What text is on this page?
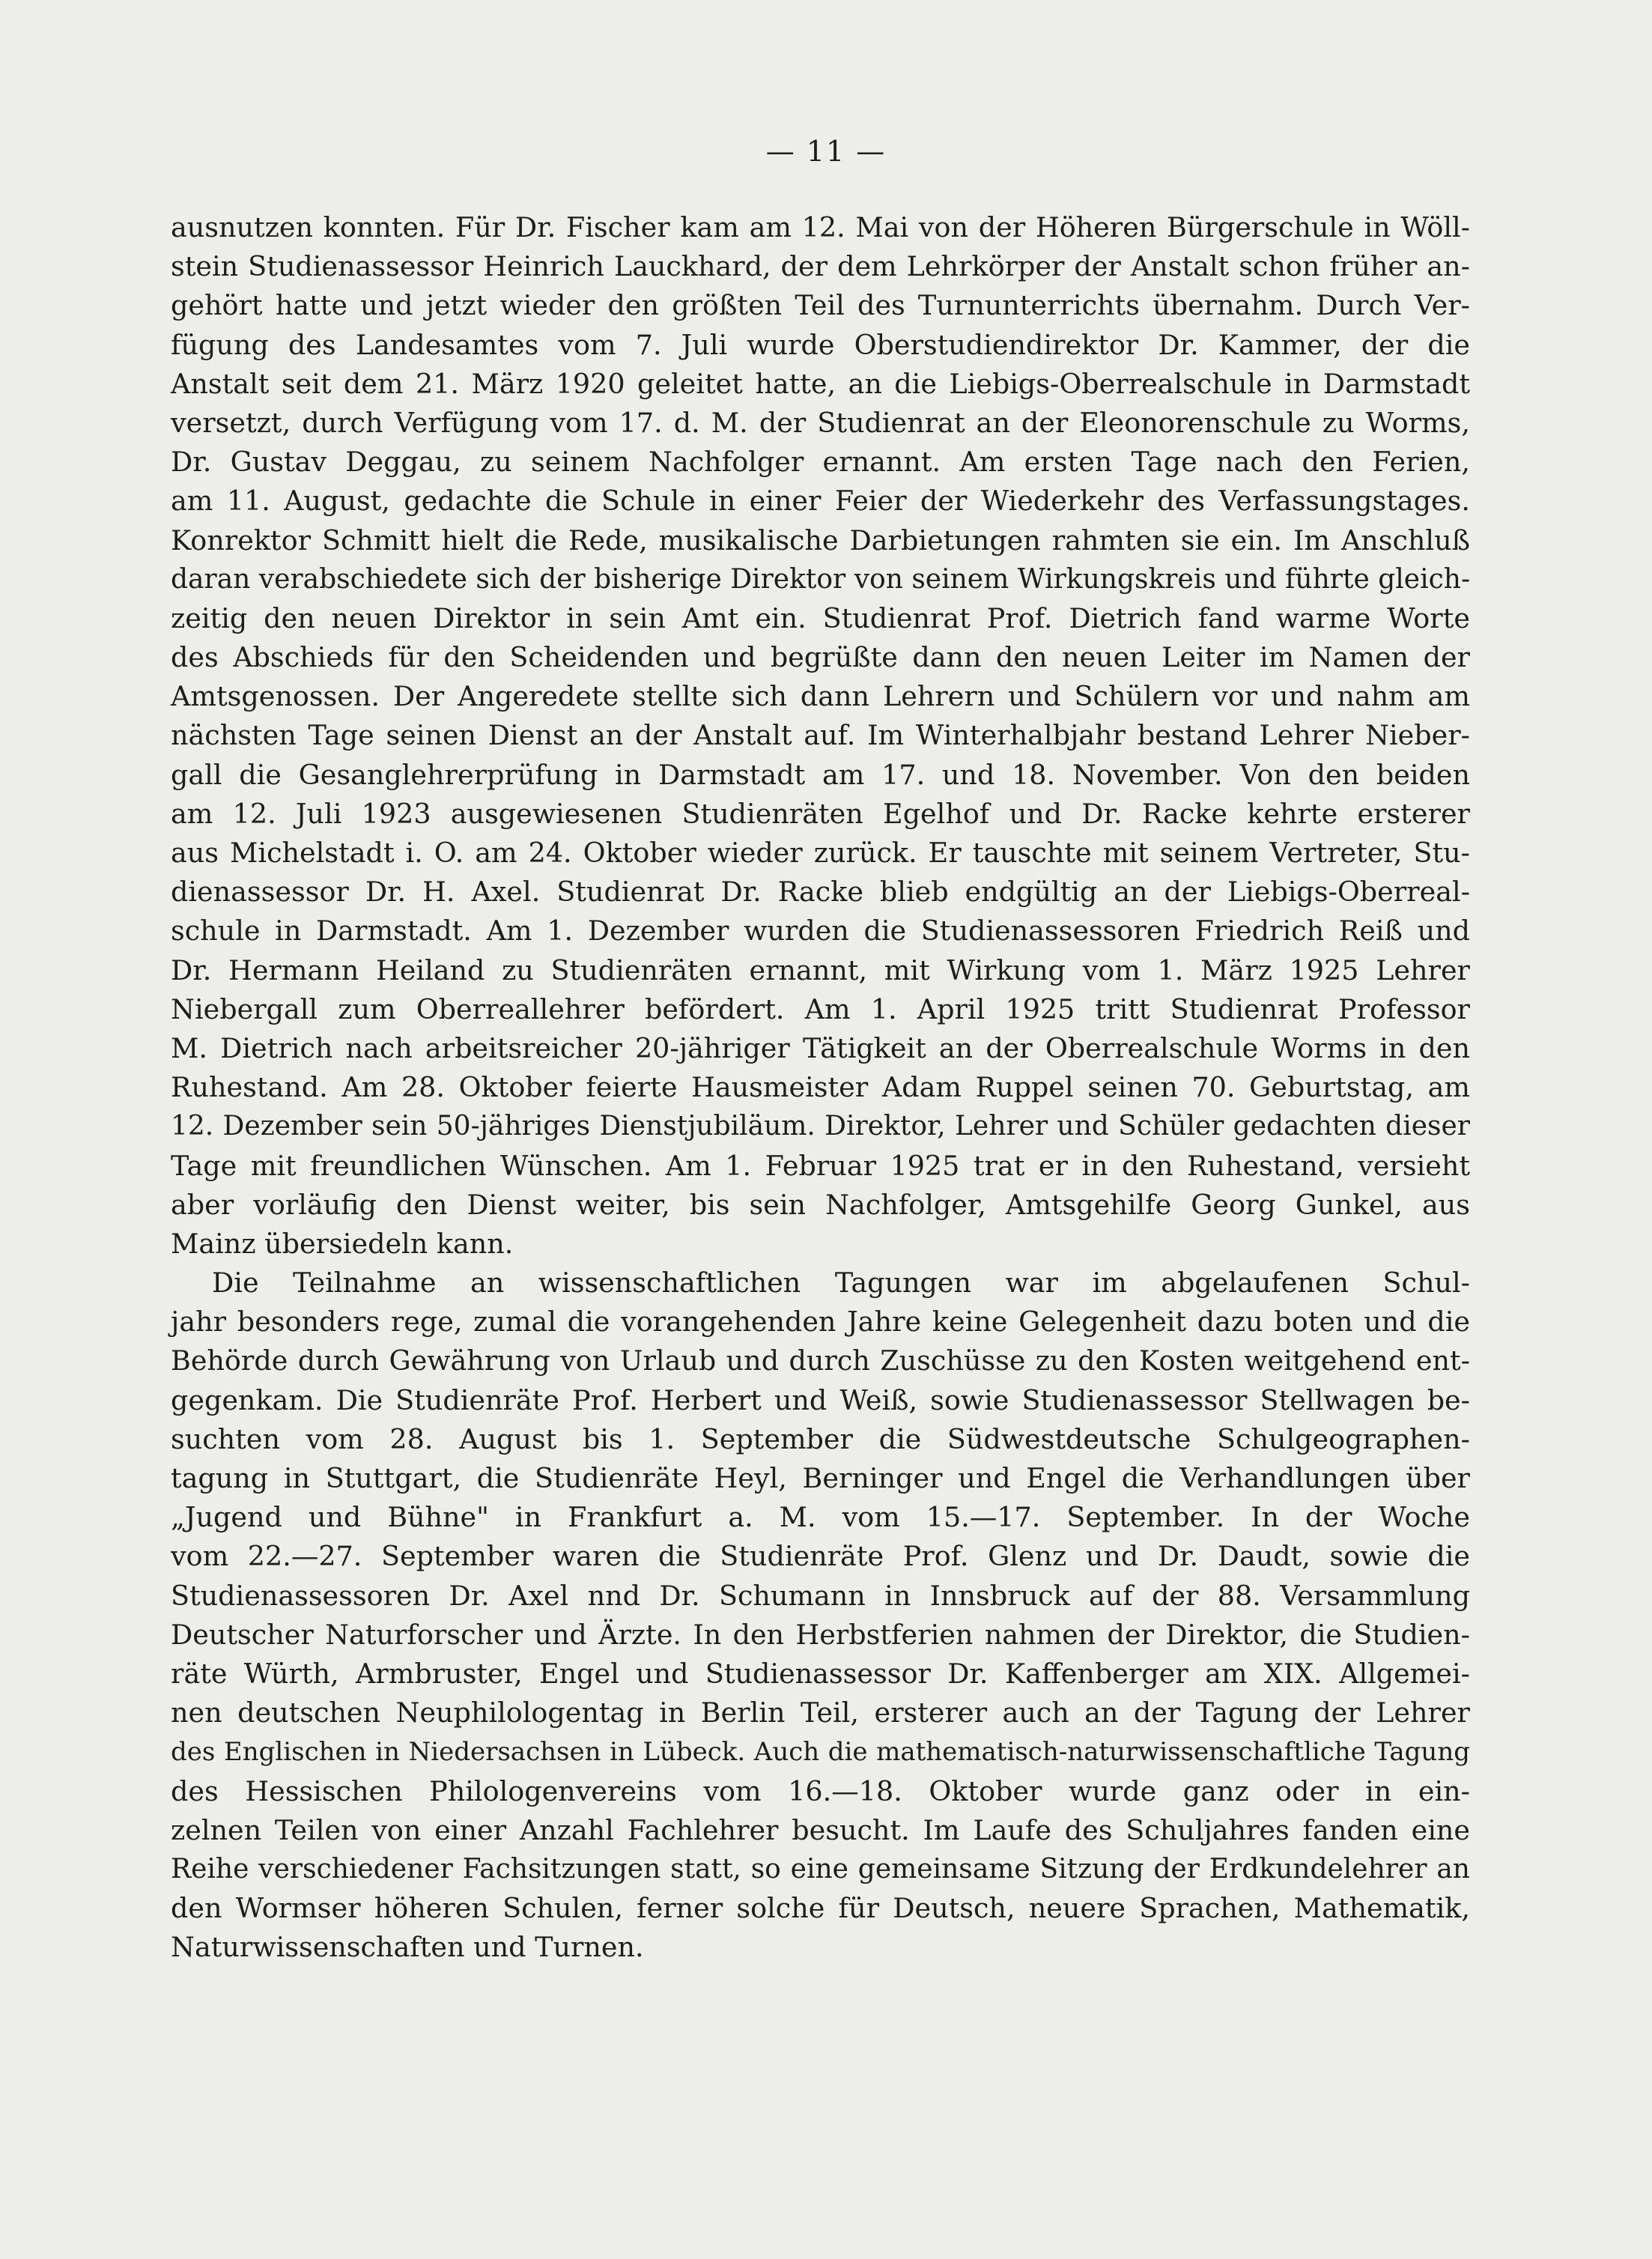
— 11 —
ausnutzen konnten. Für Dr. Fischer kam am 12. Mai von der Höheren Bürgerschule in Wöll-
stein Studienassessor Heinrich Lauckhard, der dem Lehrkörper der Anstalt schon früher an-
gehört hatte und jetzt wieder den größten Teil des Turnunterrichts übernahm. Durch Ver-
fügung des Landesamtes vom 7. Juli wurde Oberstudiendirektor Dr. Kammer, der die
Anstalt seit dem 21. März 1920 geleitet hatte, an die Liebigs-Oberrealschule in Darmstadt
versetzt, durch Verfügung vom 17. d. M. der Studienrat an der Eleonorenschule zu Worms,
Dr. Gustav Deggau, zu seinem Nachfolger ernannt. Am ersten Tage nach den Ferien,
am 11. August, gedachte die Schule in einer Feier der Wiederkehr des Verfassungstages.
Konrektor Schmitt hielt die Rede, musikalische Darbietungen rahmten sie ein. Im Anschluß
daran verabschiedete sich der bisherige Direktor von seinem Wirkungskreis und führte gleich-
zeitig den neuen Direktor in sein Amt ein. Studienrat Prof. Dietrich fand warme Worte
des Abschieds für den Scheidenden und begrüßte dann den neuen Leiter im Namen der
Amtsgenossen. Der Angeredete stellte sich dann Lehrern und Schülern vor und nahm am
nächsten Tage seinen Dienst an der Anstalt auf. Im Winterhalbjahr bestand Lehrer Nieber-
gall die Gesanglehrerprüfung in Darmstadt am 17. und 18. November. Von den beiden
am 12. Juli 1923 ausgewiesenen Studienräten Egelhof und Dr. Racke kehrte ersterer
aus Michelstadt i. O. am 24. Oktober wieder zurück. Er tauschte mit seinem Vertreter, Stu-
dienassessor Dr. H. Axel. Studienrat Dr. Racke blieb endgültig an der Liebigs-Oberreal-
schule in Darmstadt. Am 1. Dezember wurden die Studienassessoren Friedrich Reiß und
Dr. Hermann Heiland zu Studienräten ernannt, mit Wirkung vom 1. März 1925 Lehrer
Niebergall zum Oberreallehrer befördert. Am 1. April 1925 tritt Studienrat Professor
M. Dietrich nach arbeitsreicher 20-jähriger Tätigkeit an der Oberrealschule Worms in den
Ruhestand. Am 28. Oktober feierte Hausmeister Adam Ruppel seinen 70. Geburtstag, am
12. Dezember sein 50-jähriges Dienstjubiläum. Direktor, Lehrer und Schüler gedachten dieser
Tage mit freundlichen Wünschen. Am 1. Februar 1925 trat er in den Ruhestand, versieht
aber vorläufig den Dienst weiter, bis sein Nachfolger, Amtsgehilfe Georg Gunkel, aus
Mainz übersiedeln kann.
Die Teilnahme an wissenschaftlichen Tagungen war im abgelaufenen Schul-
jahr besonders rege, zumal die vorangehenden Jahre keine Gelegenheit dazu boten und die
Behörde durch Gewährung von Urlaub und durch Zuschüsse zu den Kosten weitgehend ent-
gegenkam. Die Studienräte Prof. Herbert und Weiß, sowie Studienassessor Stellwagen be-
suchten vom 28. August bis 1. September die Südwestdeutsche Schulgeographen-
tagung in Stuttgart, die Studienräte Heyl, Berninger und Engel die Verhandlungen über
„Jugend und Bühne" in Frankfurt a. M. vom 15.—17. September. In der Woche
vom 22.—27. September waren die Studienräte Prof. Glenz und Dr. Daudt, sowie die
Studienassessoren Dr. Axel nnd Dr. Schumann in Innsbruck auf der 88. Versammlung
Deutscher Naturforscher und Ärzte. In den Herbstferien nahmen der Direktor, die Studien-
räte Würth, Armbruster, Engel und Studienassessor Dr. Kaffenberger am XIX. Allgemei-
nen deutschen Neuphilologentag in Berlin Teil, ersterer auch an der Tagung der Lehrer
des Englischen in Niedersachsen in Lübeck. Auch die mathematisch-naturwissenschaftliche Tagung
des Hessischen Philologenvereins vom 16.—18. Oktober wurde ganz oder in ein-
zelnen Teilen von einer Anzahl Fachlehrer besucht. Im Laufe des Schuljahres fanden eine
Reihe verschiedener Fachsitzungen statt, so eine gemeinsame Sitzung der Erdkundelehrer an
den Wormser höheren Schulen, ferner solche für Deutsch, neuere Sprachen, Mathematik,
Naturwissenschaften und Turnen.
